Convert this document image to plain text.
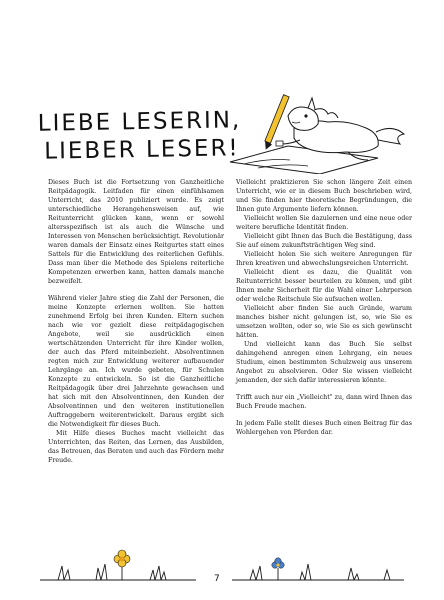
LIEBE LESERIN,
LIEBER LESER!

Dieses Buch ist die Fortsetzung von Ganzheitliche Reitpädagogik. Leitfaden für einen einfühlsamen Unterricht, das 2010 publiziert wurde. Es zeigt unterschiedliche Herangehensweisen auf, wie Reitunterricht glücken kann, wenn er sowohl altersspezifisch ist als auch die Wünsche und Interessen von Menschen berücksichtigt. Revolutionär waren damals der Einsatz eines Reitgurtes statt eines Sattels für die Entwicklung des reiterlichen Gefühls. Dass man über die Methode des Spielens reiterliche Kompetenzen erwerben kann, hatten damals manche bezweifelt.

Während vieler Jahre stieg die Zahl der Personen, die meine Konzepte erlernen wollten. Sie hatten zunehmend Erfolg bei ihren Kunden. Eltern suchen nach wie vor gezielt diese reitpädagogischen Angebote, weil sie ausdrücklich einen wertschätzenden Unterricht für ihre Kinder wollen, der auch das Pferd miteinbezieht. Absolventinnen regten mich zur Entwicklung weiterer aufbauender Lehrgänge an. Ich wurde gebeten, für Schulen Konzepte zu entwickeln. So ist die Ganzheitliche Reitpädagogik über drei Jahrzehnte gewachsen und hat sich mit den Absolventinnen, den Kunden der Absolventinnen und den weiteren institutionellen Auftraggebern weiterentwickelt. Daraus ergibt sich die Notwendigkeit für dieses Buch.

Mit Hilfe dieses Buches macht vielleicht das Unterrichten, das Reiten, das Lernen, das Ausbilden, das Betreuen, das Beraten und auch das Fördern mehr Freude.

Vielleicht praktizieren Sie schon längere Zeit einen Unterricht, wie er in diesem Buch beschrieben wird, und Sie finden hier theoretische Begründungen, die Ihnen gute Argumente liefern können.

Vielleicht wollen Sie dazulernen und eine neue oder weitere berufliche Identität finden.

Vielleicht gibt Ihnen das Buch die Bestätigung, dass Sie auf einem zukunftsträchtigen Weg sind.

Vielleicht holen Sie sich weitere Anregungen für Ihren kreativen und abwechslungsreichen Unterricht.

Vielleicht dient es dazu, die Qualität von Reitunterricht besser beurteilen zu können, und gibt Ihnen mehr Sicherheit für die Wahl einer Lehrperson oder welche Reitschule Sie aufsuchen wollen.

Vielleicht aber finden Sie auch Gründe, warum manches bisher nicht gelungen ist, so, wie Sie es umsetzen wollten, oder so, wie Sie es sich gewünscht hätten.

Und vielleicht kann das Buch Sie selbst dahingehend anregen einen Lehrgang, ein neues Studium, einen bestimmten Schulzweig aus unserem Angebot zu absolvieren. Oder Sie wissen vielleicht jemanden, der sich dafür interessieren könnte.

Trifft auch nur ein „Vielleicht" zu, dann wird Ihnen das Buch Freude machen.

In jedem Falle stellt dieses Buch einen Beitrag für das Wohlergehen von Pferden dar.

7
